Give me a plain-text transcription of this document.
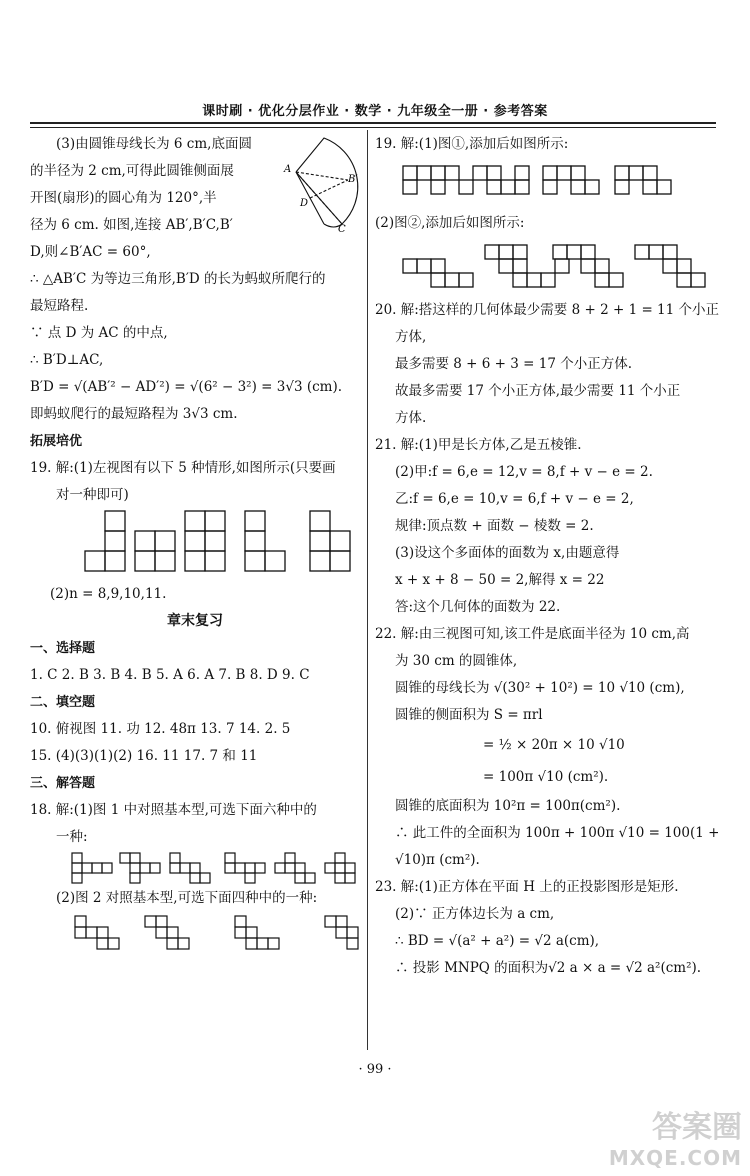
课时刷 · 优化分层作业 · 数学 · 九年级全一册 · 参考答案
(3)由圆锥母线长为 6 cm,底面圆
的半径为 2 cm,可得此圆锥侧面展
开图(扇形)的圆心角为 120°,半
径为 6 cm. 如图,连接 AB′,B′C,B′
D,则∠B′AC = 60°,
∴ △AB′C 为等边三角形,B′D 的长为蚂蚁所爬行的
最短路程.
∵ 点 D 为 AC 的中点,
∴ B′D⊥AC,
B′D = √(AB′² − AD′²) = √(6² − 3²) = 3√3 (cm).
即蚂蚁爬行的最短路程为 3√3 cm.
拓展培优
19. 解:(1)左视图有以下 5 种情形,如图所示(只要画
对一种即可)
(2)n = 8,9,10,11.
章末复习
一、选择题
1. C 2. B 3. B 4. B 5. A 6. A 7. B 8. D 9. C
二、填空题
10. 俯视图 11. 功 12. 48π 13. 7 14. 2. 5
15. (4)(3)(1)(2) 16. 11 17. 7 和 11
三、解答题
18. 解:(1)图 1 中对照基本型,可选下面六种中的
一种:
(2)图 2 对照基本型,可选下面四种中的一种:
A
B′
D
C
19. 解:(1)图①,添加后如图所示:
(2)图②,添加后如图所示:
20. 解:搭这样的几何体最少需要 8 + 2 + 1 = 11 个小正
方体,
最多需要 8 + 6 + 3 = 17 个小正方体.
故最多需要 17 个小正方体,最少需要 11 个小正
方体.
21. 解:(1)甲是长方体,乙是五棱锥.
(2)甲:f = 6,e = 12,v = 8,f + v − e = 2.
乙:f = 6,e = 10,v = 6,f + v − e = 2,
规律:顶点数 + 面数 − 棱数 = 2.
(3)设这个多面体的面数为 x,由题意得
x + x + 8 − 50 = 2,解得 x = 22
答:这个几何体的面数为 22.
22. 解:由三视图可知,该工件是底面半径为 10 cm,高
为 30 cm 的圆锥体,
圆锥的母线长为 √(30² + 10²) = 10 √10 (cm),
圆锥的侧面积为 S = πrl
= ½ × 20π × 10 √10
= 100π √10 (cm²).
圆锥的底面积为 10²π = 100π(cm²).
∴ 此工件的全面积为 100π + 100π √10 = 100(1 +
√10)π (cm²).
23. 解:(1)正方体在平面 H 上的正投影图形是矩形.
(2)∵ 正方体边长为 a cm,
∴ BD = √(a² + a²) = √2 a(cm),
∴ 投影 MNPQ 的面积为√2 a × a = √2 a²(cm²).
· 99 ·
答案圈
MXQE.COM
